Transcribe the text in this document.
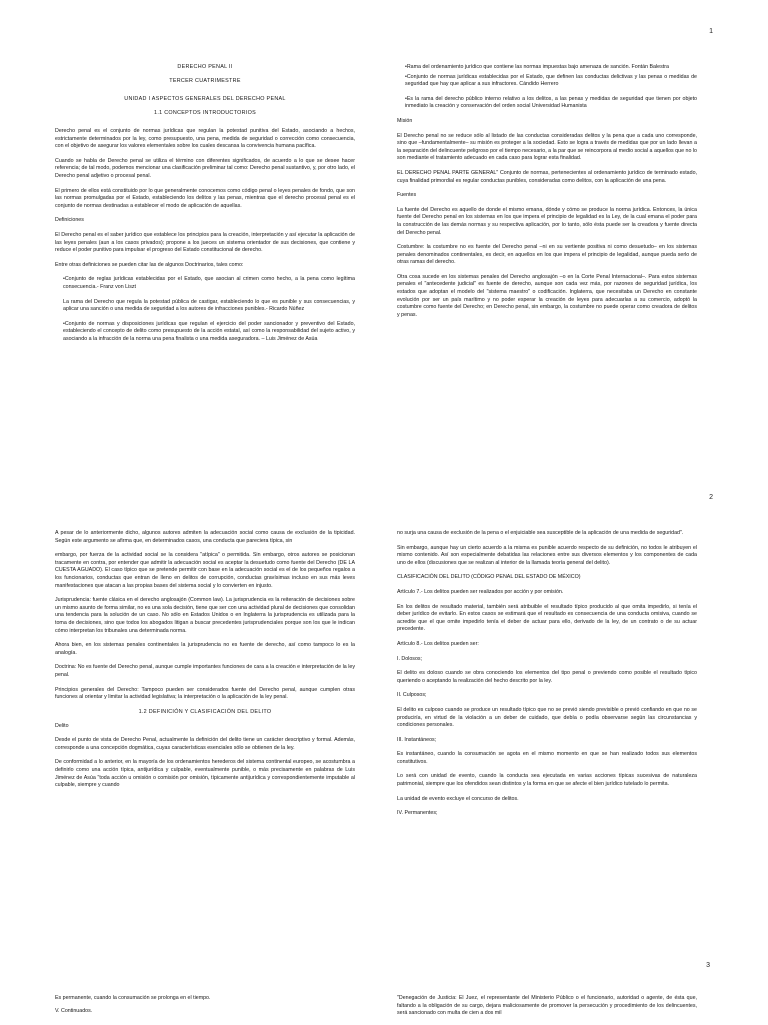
1

DERECHO PENAL II

TERCER CUATRIMESTRE

UNIDAD I ASPECTOS GENERALES DEL DERECHO PENAL

1.1 CONCEPTOS INTRODUCTORIOS

Derecho penal es el conjunto de normas jurídicas que regulan la potestad punitiva del Estado, asociando a hechos, estrictamente determinados por la ley, como presupuesto, una pena, medida de seguridad o corrección como consecuencia, con el objetivo de asegurar los valores elementales sobre los cuales descansa la convivencia humana pacífica.

Cuando se habla de Derecho penal se utiliza el término con diferentes significados, de acuerdo a lo que se desee hacer referencia; de tal modo, podemos mencionar una clasificación preliminar tal como: Derecho penal sustantivo, y, por otro lado, el Derecho penal adjetivo o procesal penal.

El primero de ellos está constituido por lo que generalmente conocemos como código penal o leyes penales de fondo, que son las normas promulgadas por el Estado, estableciendo los delitos y las penas, mientras que el derecho procesal penal es el conjunto de normas destinadas a establecer el modo de aplicación de aquellas.

Definiciones

El Derecho penal es el saber jurídico que establece los principios para la creación, interpretación y así ejecutar la aplicación de las leyes penales (aun a los casos privados); propone a los jueces un sistema orientador de sus decisiones, que contiene y reduce el poder punitivo para impulsar el progreso del Estado constitucional de derecho.

Entre otras definiciones se pueden citar las de algunos Doctrinarios, tales como:

• Conjunto de reglas jurídicas establecidas por el Estado, que asocian al crimen como hecho, a la pena como legítima consecuencia.- Franz von Liszt

La rama del Derecho que regula la potestad pública de castigar, estableciendo lo que es punible y sus consecuencias, y aplicar una sanción o una medida de seguridad a los autores de infracciones punibles.- Ricardo Núñez

• Conjunto de normas y disposiciones jurídicas que regulan el ejercicio del poder sancionador y preventivo del Estado, estableciendo el concepto de delito como presupuesto de la acción estatal, así como la responsabilidad del sujeto activo, y asociando a la infracción de la norma una pena finalista o una medida aseguradora. – Luis Jiménez de Asúa

• Rama del ordenamiento jurídico que contiene las normas impuestas bajo amenaza de sanción. Fontán Balestra

• Conjunto de normas jurídicas establecidas por el Estado, que definen las conductas delictivas y las penas o medidas de seguridad que hay que aplicar a sus infractores. Cándido Herrero

• Es la rama del derecho público interno relativo a los delitos, a las penas y medidas de seguridad que tienen por objeto inmediato la creación y conservación del orden social Universidad Humanista

Misión

El Derecho penal no se reduce sólo al listado de las conductas consideradas delitos y la pena que a cada uno corresponde, sino que –fundamentalmente– su misión es proteger a la sociedad. Esto se logra a través de medidas que por un lado llevan a la separación del delincuente peligroso por el tiempo necesario, a la par que se reincorpora al medio social a aquellos que no lo son mediante el tratamiento adecuado en cada caso para lograr esta finalidad.

EL DERECHO PENAL PARTE GENERAL" Conjunto de normas, pertenecientes al ordenamiento jurídico de terminado estado, cuya finalidad primordial es regular conductas punibles, consideradas como delitos, con la aplicación de una pena.

Fuentes

La fuente del Derecho es aquello de donde el mismo emana, dónde y cómo se produce la norma jurídica. Entonces, la única fuente del Derecho penal en los sistemas en los que impera el principio de legalidad es la Ley, de la cual emana el poder para la construcción de las demás normas y su respectiva aplicación, por lo tanto, sólo ésta puede ser la creadora y fuente directa del Derecho penal.

Costumbre: la costumbre no es fuente del Derecho penal –ni en su vertiente positiva ni como desuetudo– en los sistemas penales denominados continentales, es decir, en aquellos en los que impera el principio de legalidad, aunque pueda serlo de otras ramas del derecho.

Otra cosa sucede en los sistemas penales del Derecho anglosajón –o en la Corte Penal Internacional–. Para estos sistemas penales el "antecedente judicial" es fuente de derecho, aunque son cada vez más, por razones de seguridad jurídica, los estados que adoptan el modelo del "sistema maestro" o codificación. Inglaterra, que necesitaba un Derecho en constante evolución por ser un país marítimo y no poder esperar la creación de leyes para adecuarlas a su comercio, adoptó la costumbre como fuente del Derecho; en Derecho penal, sin embargo, la costumbre no puede operar como creadora de delitos y penas.

2

A pesar de lo anteriormente dicho, algunos autores admiten la adecuación social como causa de exclusión de la tipicidad. Según este argumento se afirma que, en determinados casos, una conducta que pareciera típica, sin

embargo, por fuerza de la actividad social se la considera "atípica" o permitida. Sin embargo, otros autores se posicionan tracamente en contra, por entender que admitir la adecuación social es aceptar la desuetudo como fuente del Derecho (DE LA CUESTA AGUADO). El caso típico que se pretende permitir con base en la adecuación social es el de los pequeños regalos a los funcionarios, conductas que entran de lleno en delitos de corrupción, conductas gravísimas incluso en sus más leves manifestaciones que atacan a las propias bases del sistema social y lo convierten en injusto.

Jurisprudencia: fuente clásica en el derecho anglosajón (Common law). La jurisprudencia es la reiteración de decisiones sobre un mismo asunto de forma similar, no es una sola decisión, tiene que ser con una actividad plural de decisiones que consolidan una tendencia para la solución de un caso. No sólo en Estados Unidos o en Inglaterra la jurisprudencia es utilizada para la toma de decisiones, sino que todos los abogados litigan a buscar precedentes jurisprudenciales porque son los que le indican cómo interpretan los tribunales una determinada norma.

Ahora bien, en los sistemas penales continentales la jurisprudencia no es fuente de derecho, así como tampoco lo es la analogía.

Doctrina: No es fuente del Derecho penal, aunque cumple importantes funciones de cara a la creación e interpretación de la ley penal.

Principios generales del Derecho: Tampoco pueden ser considerados fuente del Derecho penal, aunque cumplen otras funciones al orientar y limitar la actividad legislativa; la interpretación o la aplicación de la ley penal.

1.2 DEFINICIÓN Y CLASIFICACIÓN DEL DELITO

Delito

Desde el punto de vista de Derecho Penal, actualmente la definición del delito tiene un carácter descriptivo y formal. Además, corresponde a una concepción dogmática, cuyas características esenciales sólo se obtienen de la ley.

De conformidad a lo anterior, en la mayoría de los ordenamientos herederos del sistema continental europeo, se acostumbra a definirlo como una acción típica, antijurídica y culpable, eventualmente punible, o más precisamente en palabras de Luis Jiménez de Asúa "toda acción u omisión o comisión por omisión, típicamente antijurídica y correspondientemente imputable al culpable, siempre y cuando

no surja una causa de exclusión de la pena o el enjuiciable sea susceptible de la aplicación de una medida de seguridad".

Sin embargo, aunque hay un cierto acuerdo a la misma es punible acuerdo respecto de su definición, no todos le atribuyen el mismo contenido. Así son especialmente debatidas las relaciones entre sus diversos elementos y los componentes de cada uno de ellos (discusiones que se realizan al interior de la llamada teoría general del delito).

CLASIFICACIÓN DEL DELITO (CÓDIGO PENAL DEL ESTADO DE MÉXICO)

Artículo 7.- Los delitos pueden ser realizados por acción y por omisión.

En los delitos de resultado material, también será atribuible el resultado típico producido al que omita impedirlo, si tenía el deber jurídico de evitarlo. En estos casos se estimará que el resultado es consecuencia de una conducta omisiva, cuando se acredite que el que omite impedirlo tenía el deber de actuar para ello, derivado de la ley, de un contrato o de su actuar precedente.

Artículo 8.- Los delitos pueden ser:

I. Dolosos;

El delito es doloso cuando se obra conociendo los elementos del tipo penal o previendo como posible el resultado típico queriendo o aceptando la realización del hecho descrito por la ley.

II. Culposos;

El delito es culposo cuando se produce un resultado típico que no se previó siendo previsible o previó confiando en que no se produciría, en virtud de la violación a un deber de cuidado, que debía o podía observarse según las circunstancias y condiciones personales.

III. Instantáneos;

Es instantáneo, cuando la consumación se agota en el mismo momento en que se han realizado todos sus elementos constitutivos.

Lo será con unidad de evento, cuando la conducta sea ejecutada en varias acciones típicas sucesivas de naturaleza patrimonial, siempre que los ofendidos sean distintos y la forma en que se afecte el bien jurídico tutelado lo permita.

La unidad de evento excluye el concurso de delitos.

IV. Permanentes;

3

Es permanente, cuando la consumación se prolonga en el tiempo.

V. Continuados.

"Denegación de Justicia: El Juez, el representante del Ministerio Público o el funcionario, autoridad o agente, de ésta que, faltando a la obligación de su cargo, dejara maliciosamente de promover la persecución y procedimiento de los delincuentes, será sancionado con multa de cien a dos mil
